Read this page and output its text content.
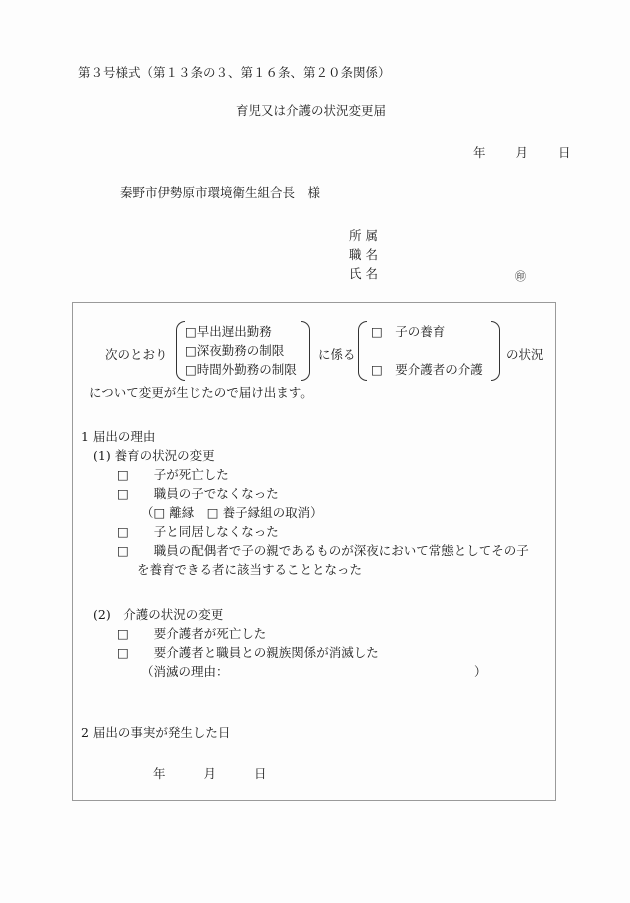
第３号様式（第１３条の３、第１６条、第２０条関係）
育児又は介護の状況変更届
年 月 日
秦野市伊勢原市環境衛生組合長　様
所属
職名
氏名	㊞
次のとおり
□早出遅出勤務
□深夜勤務の制限
□時間外勤務の制限
に係る
□　子の養育
□　要介護者の介護
の状況
について変更が生じたので届け出ます。
1 届出の理由
(1) 養育の状況の変更
□　　子が死亡した
□　　職員の子でなくなった
（□ 離縁　□ 養子縁組の取消）
□　　子と同居しなくなった
□　　職員の配偶者で子の親であるものが深夜において常態としてその子
を養育できる者に該当することとなった
(2)　介護の状況の変更
□　　要介護者が死亡した
□　　要介護者と職員との親族関係が消滅した
（消滅の理由：	）
2 届出の事実が発生した日
年	月	日
